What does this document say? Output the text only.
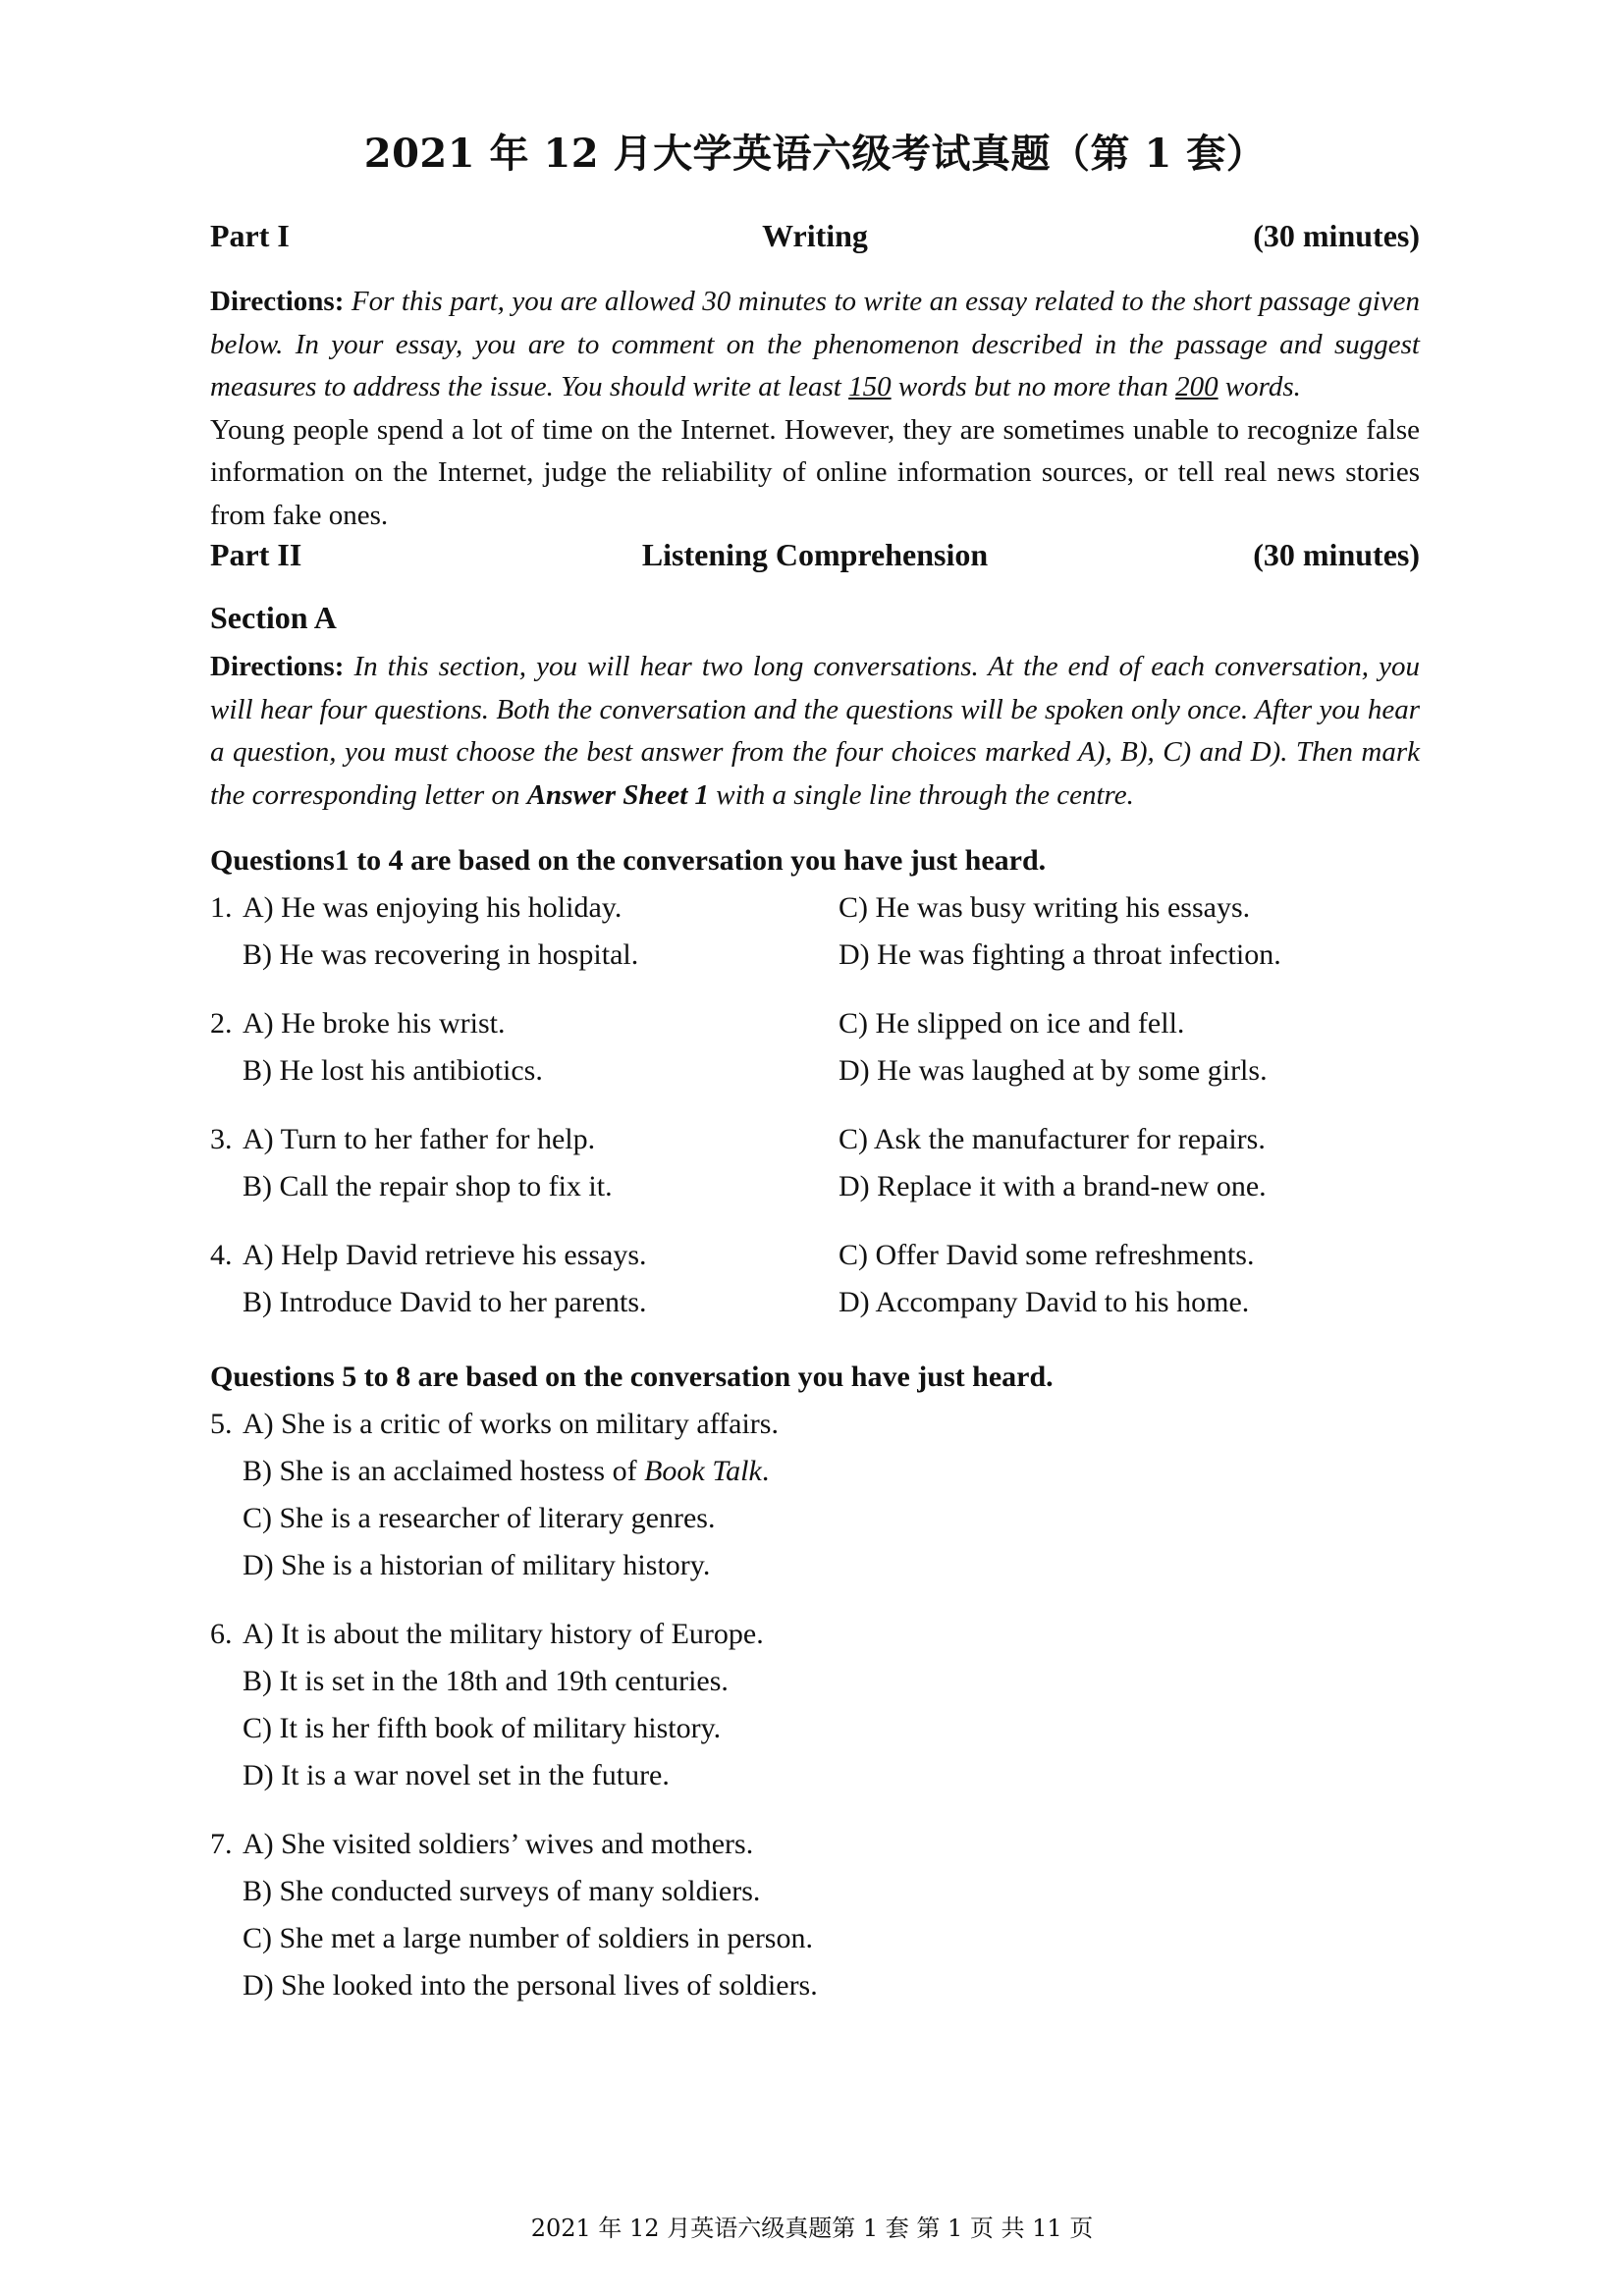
2021 年 12 月大学英语六级考试真题（第 1 套）
Part I	Writing	(30 minutes)

Directions: For this part, you are allowed 30 minutes to write an essay related to the short passage given below. In your essay, you are to comment on the phenomenon described in the passage and suggest measures to address the issue. You should write at least 150 words but no more than 200 words.

Young people spend a lot of time on the Internet. However, they are sometimes unable to recognize false information on the Internet, judge the reliability of online information sources, or tell real news stories from fake ones.

Part II	Listening Comprehension	(30 minutes)
Section A

Directions: In this section, you will hear two long conversations. At the end of each conversation, you will hear four questions. Both the conversation and the questions will be spoken only once. After you hear a question, you must choose the best answer from the four choices marked A), B), C) and D). Then mark the corresponding letter on Answer Sheet 1 with a single line through the centre.

Questions1 to 4 are based on the conversation you have just heard.
1. A) He was enjoying his holiday.	C) He was busy writing his essays.
B) He was recovering in hospital.	D) He was fighting a throat infection.
2. A) He broke his wrist.	C) He slipped on ice and fell.
B) He lost his antibiotics.	D) He was laughed at by some girls.
3. A) Turn to her father for help.	C) Ask the manufacturer for repairs.
B) Call the repair shop to fix it.	D) Replace it with a brand-new one.
4. A) Help David retrieve his essays.	C) Offer David some refreshments.
B) Introduce David to her parents.	D) Accompany David to his home.
Questions 5 to 8 are based on the conversation you have just heard.
5. A) She is a critic of works on military affairs.
B) She is an acclaimed hostess of Book Talk.
C) She is a researcher of literary genres.
D) She is a historian of military history.
6. A) It is about the military history of Europe.
B) It is set in the 18th and 19th centuries.
C) It is her fifth book of military history.
D) It is a war novel set in the future.
7. A) She visited soldiers’ wives and mothers.
B) She conducted surveys of many soldiers.
C) She met a large number of soldiers in person.
D) She looked into the personal lives of soldiers.
2021 年 12 月英语六级真题第 1 套 第 1 页 共 11 页
